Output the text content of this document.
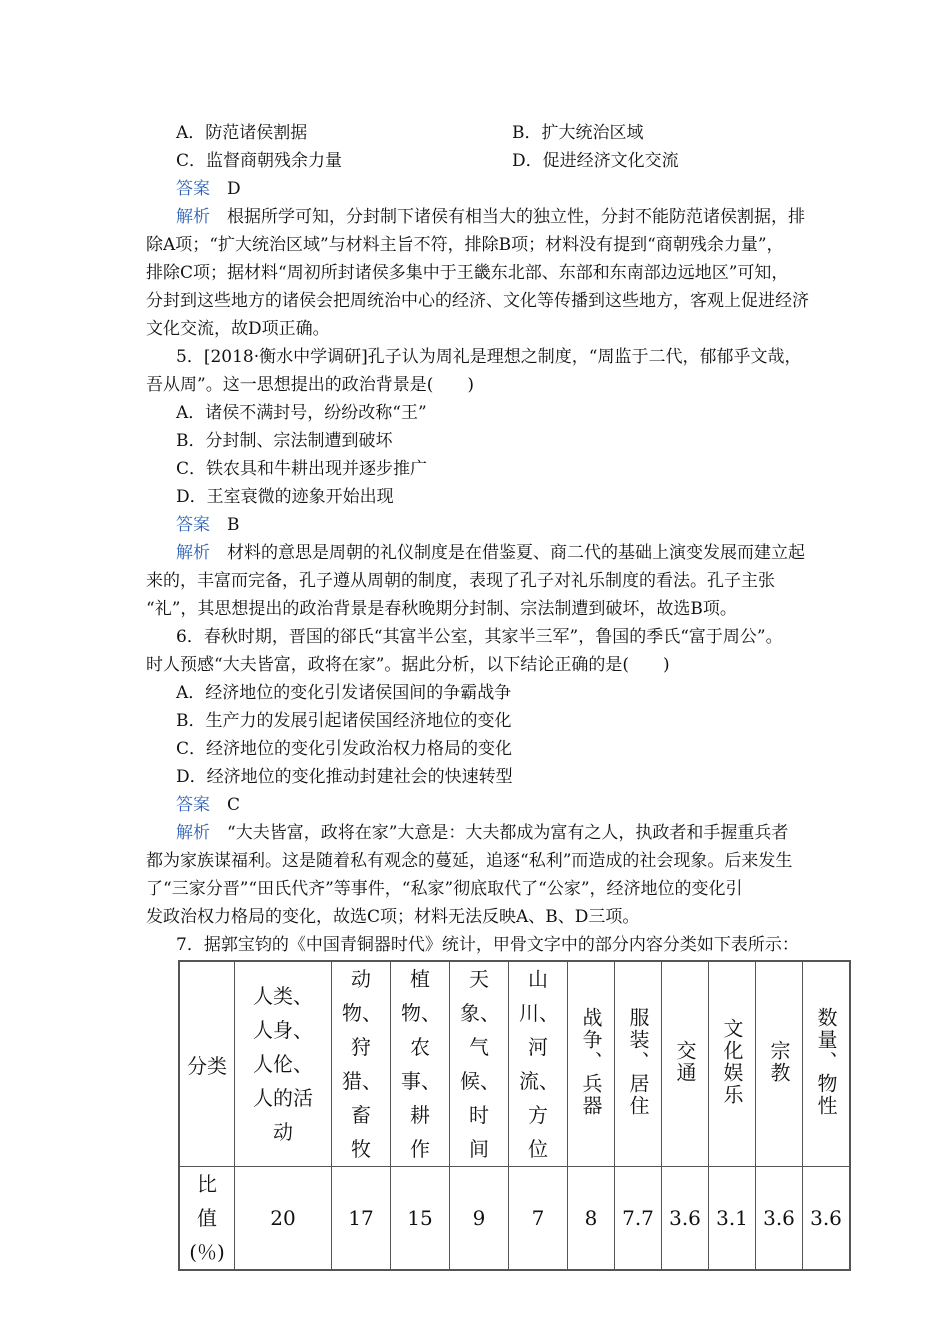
A．防范诸侯割据	B．扩大统治区域
C．监督商朝残余力量	D．促进经济文化交流
答案　 D
解析　 根据所学可知，分封制下诸侯有相当大的独立性，分封不能防范诸侯割据，排
除A项；“扩大统治区域”与材料主旨不符，排除B项；材料没有提到“商朝残余力量”，
排除C项；据材料“周初所封诸侯多集中于王畿东北部、东部和东南部边远地区”可知，
分封到这些地方的诸侯会把周统治中心的经济、文化等传播到这些地方，客观上促进经济
文化交流，故D项正确。
5．[2018·衡水中学调研]孔子认为周礼是理想之制度，“周监于二代，郁郁乎文哉，
吾从周”。这一思想提出的政治背景是(　　)
A．诸侯不满封号，纷纷改称“王”
B．分封制、宗法制遭到破坏
C．铁农具和牛耕出现并逐步推广
D．王室衰微的迹象开始出现
答案　 B
解析　 材料的意思是周朝的礼仪制度是在借鉴夏、商二代的基础上演变发展而建立起
来的，丰富而完备，孔子遵从周朝的制度，表现了孔子对礼乐制度的看法。孔子主张
“礼”，其思想提出的政治背景是春秋晚期分封制、宗法制遭到破坏，故选B项。
6．春秋时期，晋国的郤氏“其富半公室，其家半三军”，鲁国的季氏“富于周公”。
时人预感“大夫皆富，政将在家”。据此分析，以下结论正确的是(　　)
A．经济地位的变化引发诸侯国间的争霸战争
B．生产力的发展引起诸侯国经济地位的变化
C．经济地位的变化引发政治权力格局的变化
D．经济地位的变化推动封建社会的快速转型
答案　 C
解析　 “大夫皆富，政将在家”大意是：大夫都成为富有之人，执政者和手握重兵者
都为家族谋福利。这是随着私有观念的蔓延，追逐“私利”而造成的社会现象。后来发生
了“三家分晋”“田氏代齐”等事件，“私家”彻底取代了“公家”，经济地位的变化引
发政治权力格局的变化，故选C项；材料无法反映A、B、D三项。
7．据郭宝钧的《中国青铜器时代》统计，甲骨文字中的部分内容分类如下表所示：
分类	人类、人身、人伦、人的活动	动物、狩猎、畜牧	植物、农事、耕作	天象、气候、时间	山川、河流、方位	战争、兵器	服装、居住	交通	文化娱乐	宗教	数量、物性
比值(％)	20	17	15	9	7	8	7.7	3.6	3.1	3.6	3.6
